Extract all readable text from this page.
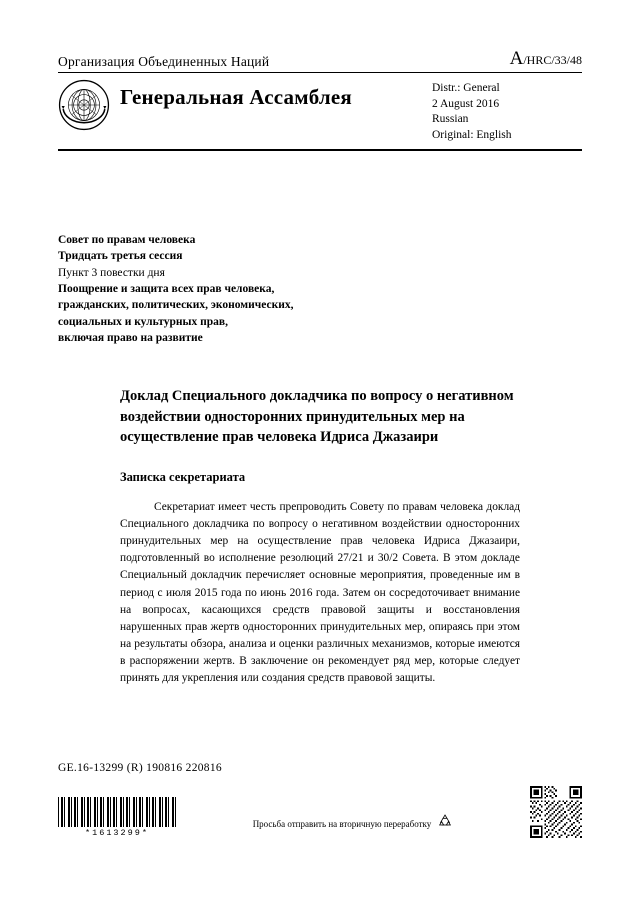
Организация Объединенных Наций	A/HRC/33/48
Генеральная Ассамблея	Distr.: General
2 August 2016
Russian
Original: English
Совет по правам человека
Тридцать третья сессия
Пункт 3 повестки дня
Поощрение и защита всех прав человека,
гражданских, политических, экономических,
социальных и культурных прав,
включая право на развитие
Доклад Специального докладчика по вопросу о негативном воздействии односторонних принудительных мер на осуществление прав человека Идриса Джазаири
Записка секретариата
Секретариат имеет честь препроводить Совету по правам человека доклад Специального докладчика по вопросу о негативном воздействии односторонних принудительных мер на осуществление прав человека Идриса Джазаири, подготовленный во исполнение резолюций 27/21 и 30/2 Совета. В этом докладе Специальный докладчик перечисляет основные мероприятия, проведенные им в период с июля 2015 года по июнь 2016 года. Затем он сосредоточивает внимание на вопросах, касающихся средств правовой защиты и восстановления нарушенных прав жертв односторонних принудительных мер, опираясь при этом на результаты обзора, анализа и оценки различных механизмов, которые имеются в распоряжении жертв. В заключение он рекомендует ряд мер, которые следует принять для укрепления или создания средств правовой защиты.
GE.16-13299 (R) 190816 220816
*1613299*
Просьба отправить на вторичную переработку
